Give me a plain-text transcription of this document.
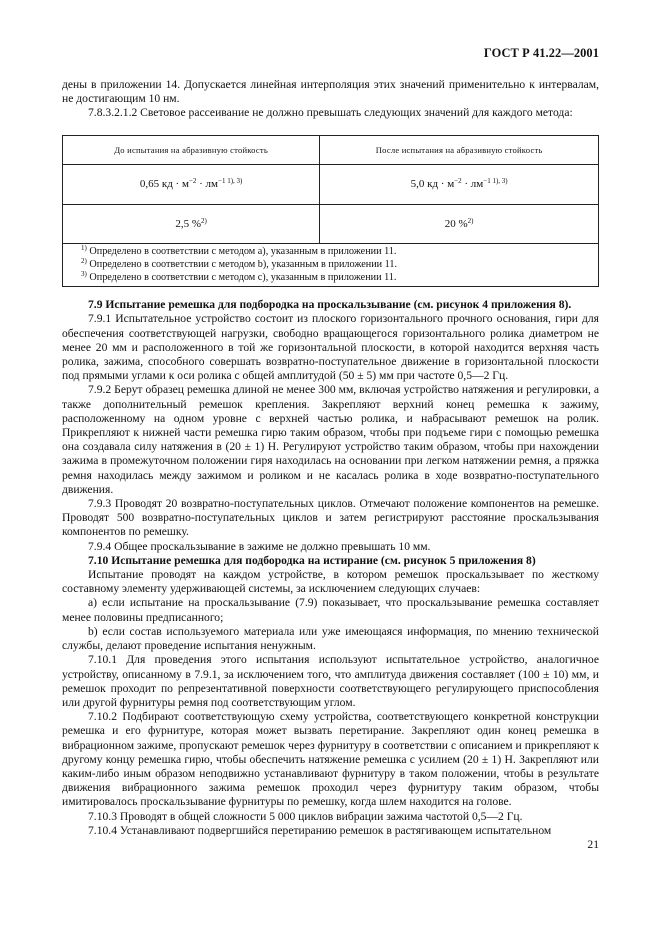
ГОСТ Р 41.22—2001

дены в приложении 14. Допускается линейная интерполяция этих значений применительно к интервалам, не достигающим 10 нм.

7.8.3.2.1.2 Световое рассеивание не должно превышать следующих значений для каждого метода:

До испытания на абразивную стойкость	После испытания на абразивную стойкость
0,65 кд · $м^{-2} \cdot лм^{-1 1), 3)}$	5,0 кд · $м^{-2} \cdot лм^{-1 1), 3)}$
2,5 %$^{2)}$	20 %$^{2)}$

$^{1)}$ Определено в соответствии с методом a), указанным в приложении 11.
$^{2)}$ Определено в соответствии с методом b), указанным в приложении 11.
$^{3)}$ Определено в соответствии с методом c), указанным в приложении 11.	
7.9 Испытание ремешка для подбородка на проскальзывание (см. рисунок 4 приложения 8).

7.9.1 Испытательное устройство состоит из плоского горизонтального прочного основания, гири для обеспечения соответствующей нагрузки, свободно вращающегося горизонтального ролика диаметром не менее 20 мм и расположенного в той же горизонтальной плоскости, в которой находится верхняя часть ролика, зажима, способного совершать возвратно-поступательное движение в горизонтальной плоскости под прямыми углами к оси ролика с общей амплитудой (50 ± 5) мм при частоте 0,5—2 Гц.

7.9.2 Берут образец ремешка длиной не менее 300 мм, включая устройство натяжения и регулировки, а также дополнительный ремешок крепления. Закрепляют верхний конец ремешка к зажиму, расположенному на одном уровне с верхней частью ролика, и набрасывают ремешок на ролик. Прикрепляют к нижней части ремешка гирю таким образом, чтобы при подъеме гири с помощью ремешка она создавала силу натяжения в (20 ± 1) Н. Регулируют устройство таким образом, чтобы при нахождении зажима в промежуточном положении гиря находилась на основании при легком натяжении ремня, а пряжка ремня находилась между зажимом и роликом и не касалась ролика в ходе возвратно-поступательного движения.

7.9.3 Проводят 20 возвратно-поступательных циклов. Отмечают положение компонентов на ремешке. Проводят 500 возвратно-поступательных циклов и затем регистрируют расстояние проскальзывания компонентов по ремешку.

7.9.4 Общее проскальзывание в зажиме не должно превышать 10 мм.

7.10 Испытание ремешка для подбородка на истирание (см. рисунок 5 приложения 8)

Испытание проводят на каждом устройстве, в котором ремешок проскальзывает по жесткому составному элементу удерживающей системы, за исключением следующих случаев:

а) если испытание на проскальзывание (7.9) показывает, что проскальзывание ремешка составляет менее половины предписанного;

b) если состав используемого материала или уже имеющаяся информация, по мнению технической службы, делают проведение испытания ненужным.

7.10.1 Для проведения этого испытания используют испытательное устройство, аналогичное устройству, описанному в 7.9.1, за исключением того, что амплитуда движения составляет (100 ± 10) мм, и ремешок проходит по репрезентативной поверхности соответствующего регулирующего приспособления или другой фурнитуры ремня под соответствующим углом.

7.10.2 Подбирают соответствующую схему устройства, соответствующего конкретной конструкции ремешка и его фурнитуре, которая может вызвать перетирание. Закрепляют один конец ремешка в вибрационном зажиме, пропускают ремешок через фурнитуру в соответствии с описанием и прикрепляют к другому концу ремешка гирю, чтобы обеспечить натяжение ремешка с усилием (20 ± 1) Н. Закрепляют или каким-либо иным образом неподвижно устанавливают фурнитуру в таком положении, чтобы в результате движения вибрационного зажима ремешок проходил через фурнитуру таким образом, чтобы имитировалось проскальзывание фурнитуры по ремешку, когда шлем находится на голове.

7.10.3 Проводят в общей сложности 5 000 циклов вибрации зажима частотой 0,5—2 Гц.

7.10.4 Устанавливают подвергшийся перетиранию ремешок в растягивающем испытательном

21
